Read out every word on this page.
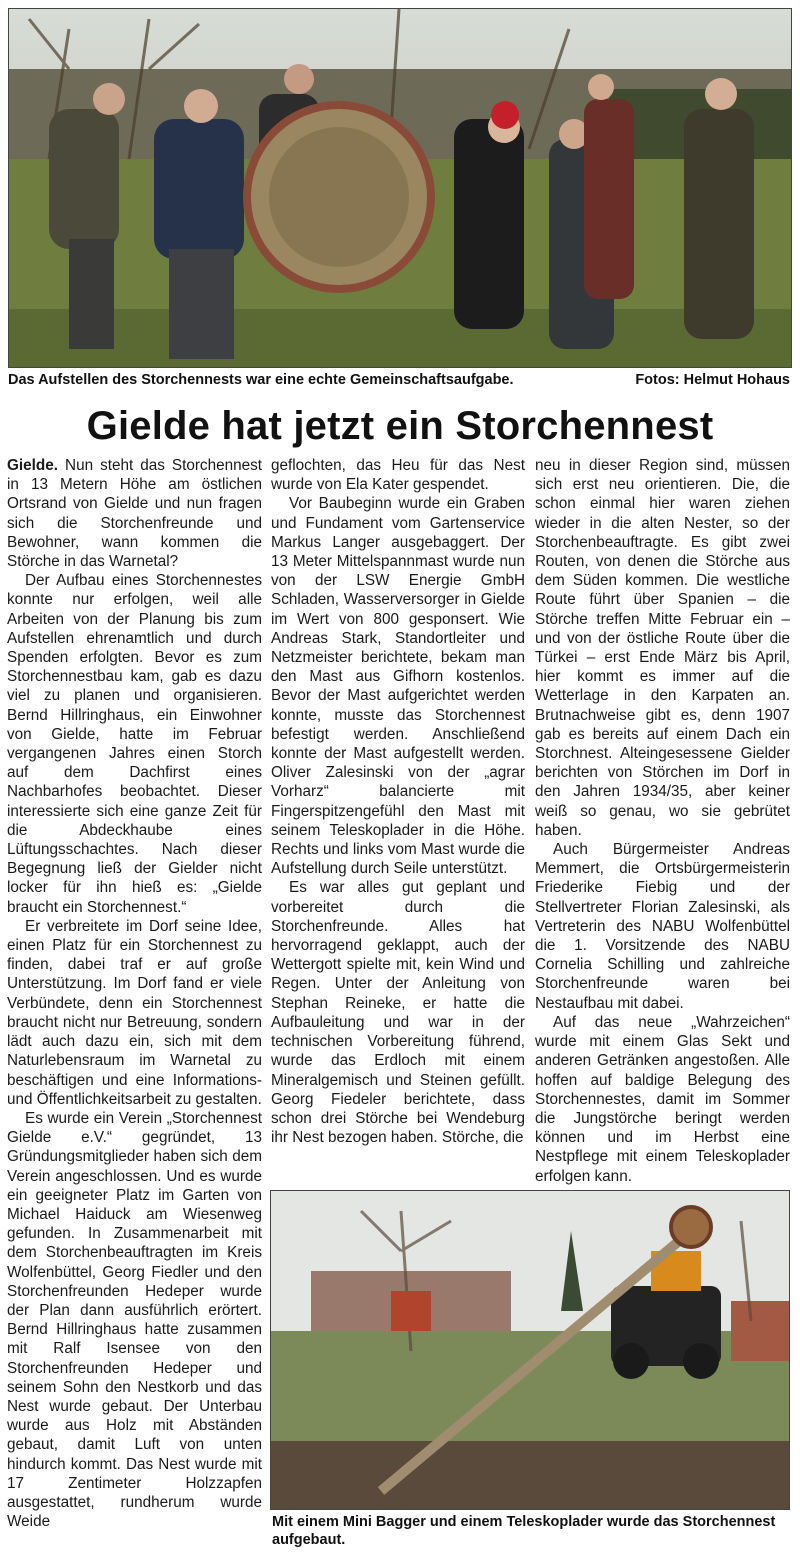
Das Aufstellen des Storchennests war eine echte Gemeinschaftsaufgabe.	Fotos: Helmut Hohaus
Gielde hat jetzt ein Storchennest

Gielde. Nun steht das Storchennest in 13 Metern Höhe am östlichen Ortsrand von Gielde und nun fragen sich die Storchenfreunde und Bewohner, wann kommen die Störche in das Warnetal?

Der Aufbau eines Storchennestes konnte nur erfolgen, weil alle Arbeiten von der Planung bis zum Aufstellen ehrenamtlich und durch Spenden erfolgten. Bevor es zum Storchennestbau kam, gab es dazu viel zu planen und organisieren. Bernd Hillringhaus, ein Einwohner von Gielde, hatte im Februar vergangenen Jahres einen Storch auf dem Dachfirst eines Nachbarhofes beobachtet. Dieser interessierte sich eine ganze Zeit für die Abdeckhaube eines Lüftungsschachtes. Nach dieser Begegnung ließ der Gielder nicht locker für ihn hieß es: „Gielde braucht ein Storchennest.“

Er verbreitete im Dorf seine Idee, einen Platz für ein Storchennest zu finden, dabei traf er auf große Unterstützung. Im Dorf fand er viele Verbündete, denn ein Storchennest braucht nicht nur Betreuung, sondern lädt auch dazu ein, sich mit dem Naturlebensraum im Warnetal zu beschäftigen und eine Informations- und Öffentlichkeitsarbeit zu gestalten.

Es wurde ein Verein „Storchennest Gielde e.V.“ gegründet, 13 Gründungsmitglieder haben sich dem Verein angeschlossen. Und es wurde ein geeigneter Platz im Garten von Michael Haiduck am Wiesenweg gefunden. In Zusammenarbeit mit dem Storchenbeauftragten im Kreis Wolfenbüttel, Georg Fiedler und den Storchenfreunden Hedeper wurde der Plan dann ausführlich erörtert. Bernd Hillringhaus hatte zusammen mit Ralf Isensee von den Storchenfreunden Hedeper und seinem Sohn den Nestkorb und das Nest wurde gebaut. Der Unterbau wurde aus Holz mit Abständen gebaut, damit Luft von unten hindurch kommt. Das Nest wurde mit 17 Zentimeter Holzzapfen ausgestattet, rundherum wurde Weide

geflochten, das Heu für das Nest wurde von Ela Kater gespendet.

Vor Baubeginn wurde ein Graben und Fundament vom Gartenservice Markus Langer ausgebaggert. Der 13 Meter Mittelspannmast wurde nun von der LSW Energie GmbH Schladen, Wasserversorger in Gielde im Wert von 800 gesponsert. Wie Andreas Stark, Standortleiter und Netzmeister berichtete, bekam man den Mast aus Gifhorn kostenlos. Bevor der Mast aufgerichtet werden konnte, musste das Storchennest befestigt werden. Anschließend konnte der Mast aufgestellt werden. Oliver Zalesinski von der „agrar Vorharz“ balancierte mit Fingerspitzengefühl den Mast mit seinem Teleskoplader in die Höhe. Rechts und links vom Mast wurde die Aufstellung durch Seile unterstützt.

Es war alles gut geplant und vorbereitet durch die Storchenfreunde. Alles hat hervorragend geklappt, auch der Wettergott spielte mit, kein Wind und Regen. Unter der Anleitung von Stephan Reineke, er hatte die Aufbauleitung und war in der technischen Vorbereitung führend, wurde das Erdloch mit einem Mineralgemisch und Steinen gefüllt. Georg Fiedeler berichtete, dass schon drei Störche bei Wendeburg ihr Nest bezogen haben. Störche, die

neu in dieser Region sind, müssen sich erst neu orientieren. Die, die schon einmal hier waren ziehen wieder in die alten Nester, so der Storchenbeauftragte. Es gibt zwei Routen, von denen die Störche aus dem Süden kommen. Die westliche Route führt über Spanien – die Störche treffen Mitte Februar ein – und von der östliche Route über die Türkei – erst Ende März bis April, hier kommt es immer auf die Wetterlage in den Karpaten an. Brutnachweise gibt es, denn 1907 gab es bereits auf einem Dach ein Storchnest. Alteingesessene Gielder berichten von Störchen im Dorf in den Jahren 1934/35, aber keiner weiß so genau, wo sie gebrütet haben.

Auch Bürgermeister Andreas Memmert, die Ortsbürgermeisterin Friederike Fiebig und der Stellvertreter Florian Zalesinski, als Vertreterin des NABU Wolfenbüttel die 1. Vorsitzende des NABU Cornelia Schilling und zahlreiche Storchenfreunde waren bei Nestaufbau mit dabei.

Auf das neue „Wahrzeichen“ wurde mit einem Glas Sekt und anderen Getränken angestoßen. Alle hoffen auf baldige Belegung des Storchennestes, damit im Sommer die Jungstörche beringt werden können und im Herbst eine Nestpflege mit einem Teleskoplader erfolgen kann.

Mit einem Mini Bagger und einem Teleskoplader wurde das Storchennest aufgebaut.
